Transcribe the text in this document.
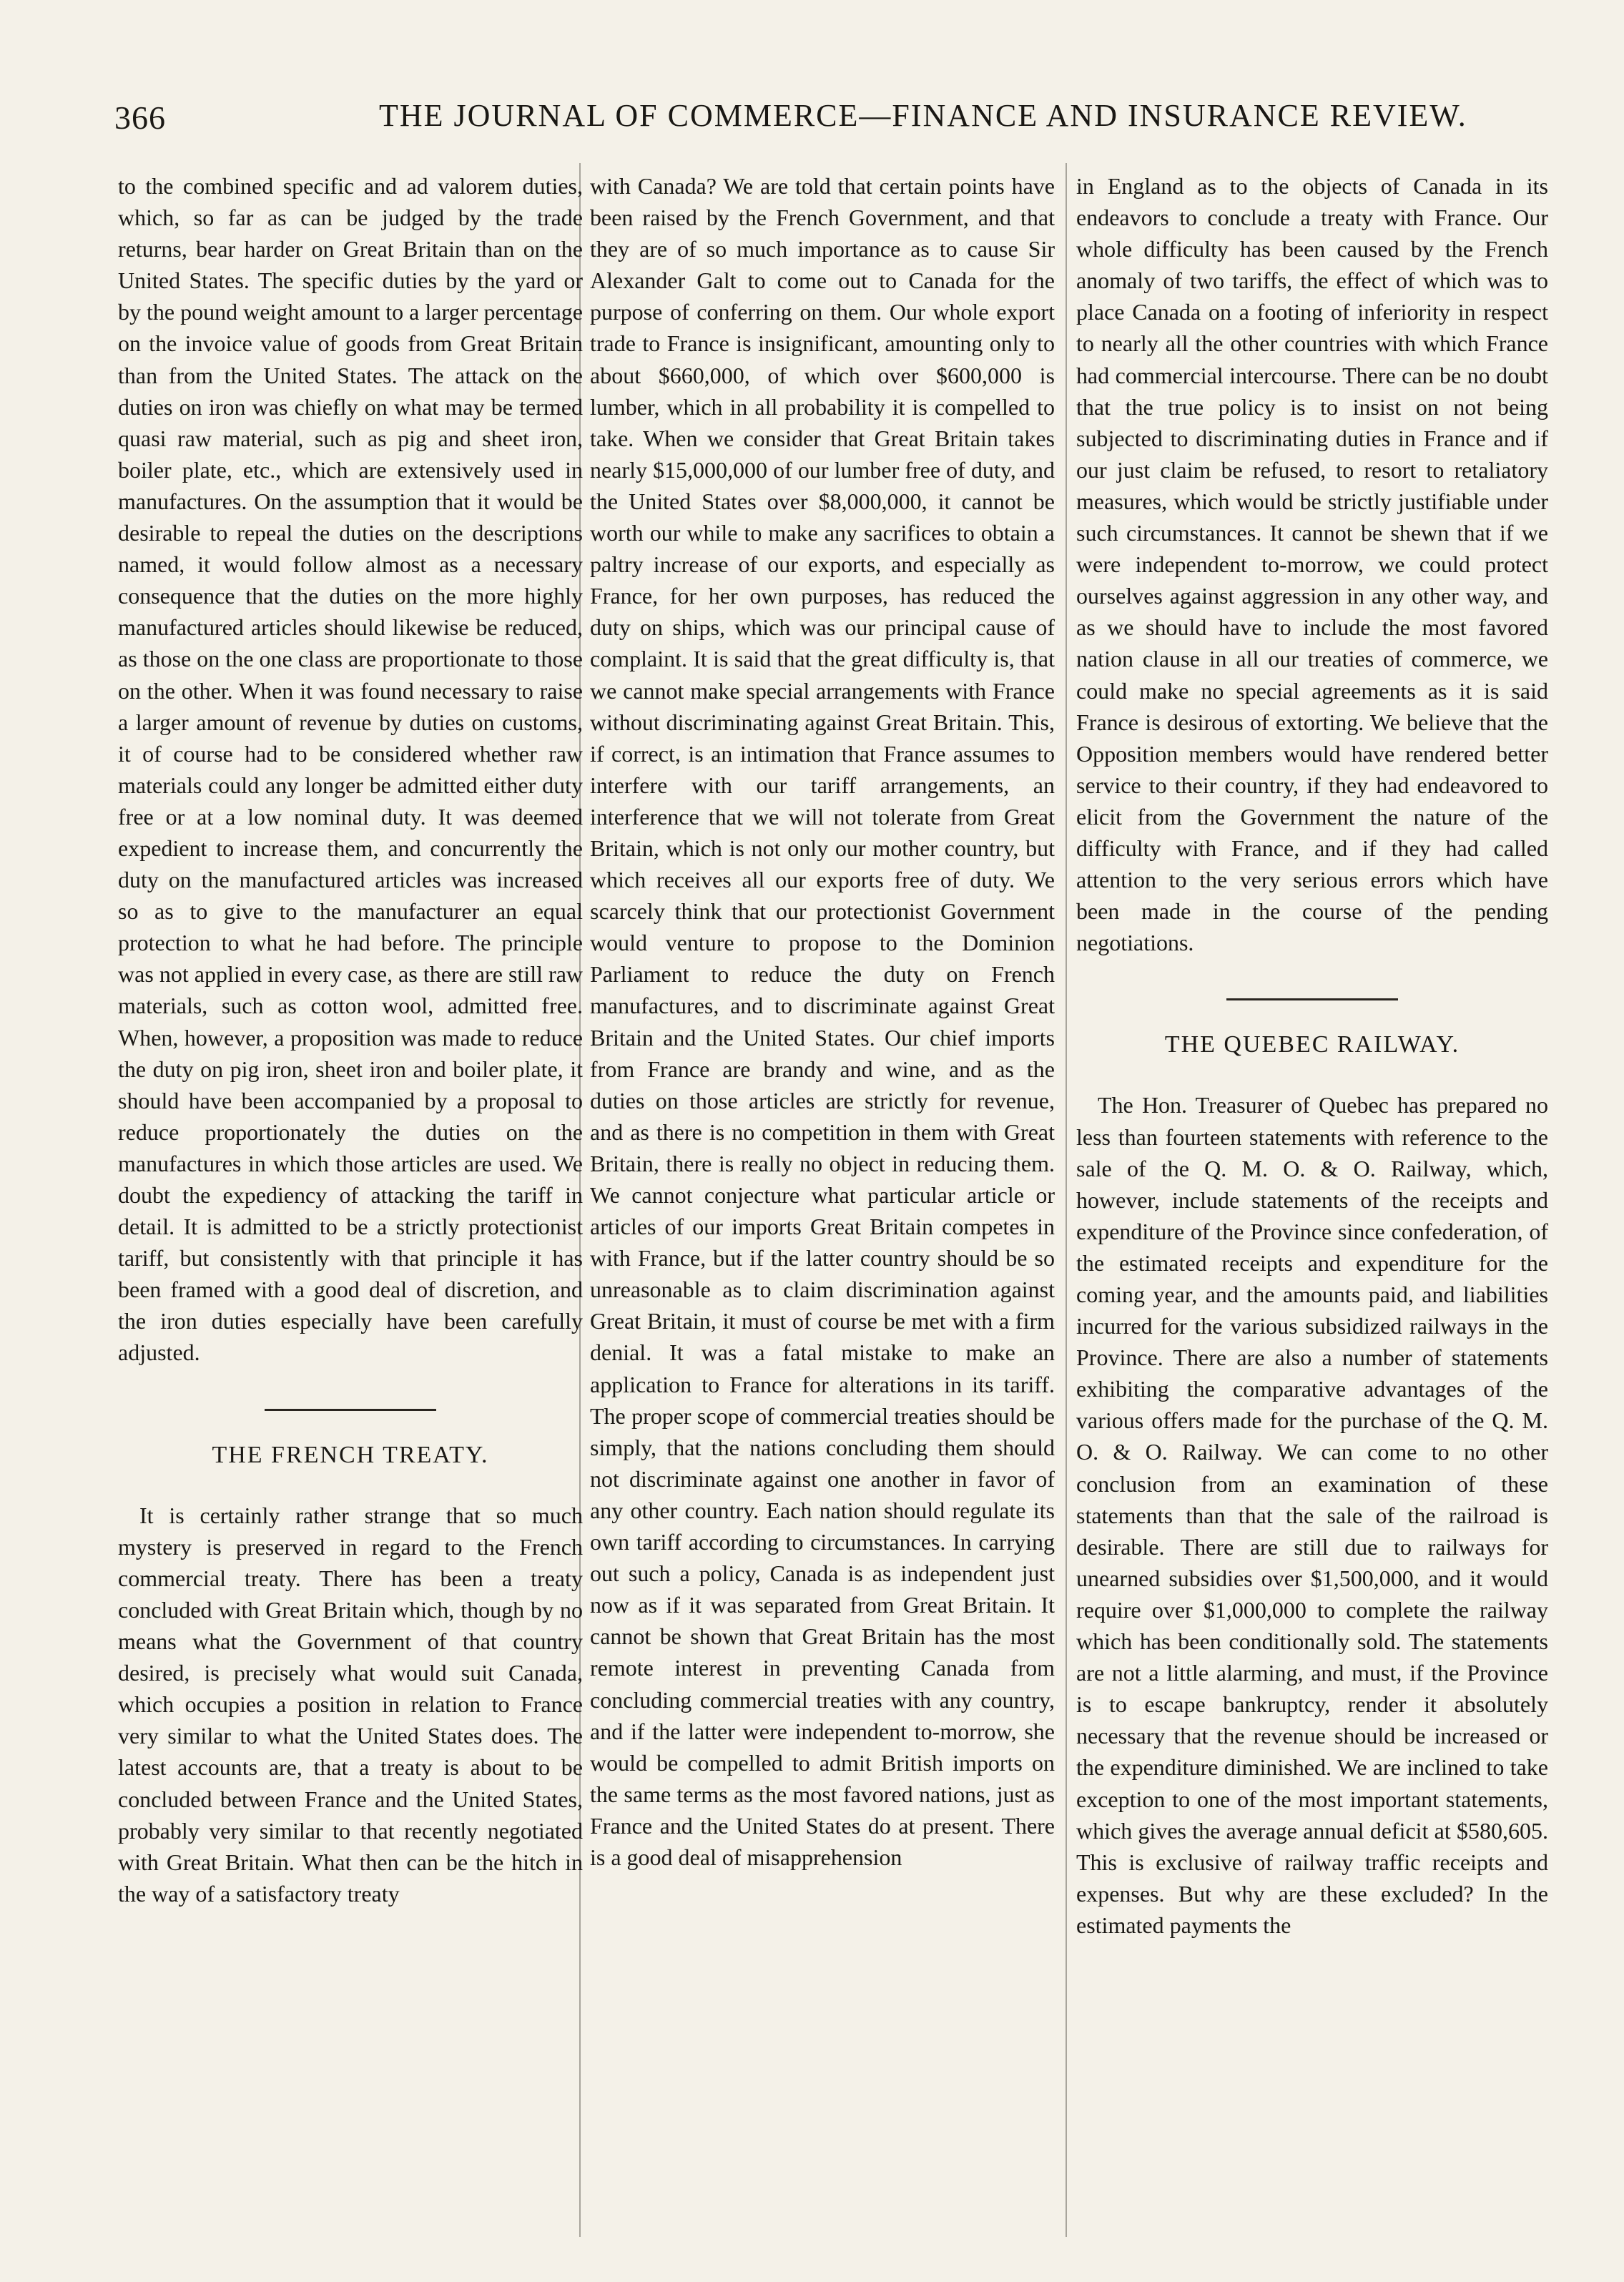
366	THE JOURNAL OF COMMERCE—FINANCE AND INSURANCE REVIEW.

to the combined specific and ad valorem duties, which, so far as can be judged by the trade returns, bear harder on Great Britain than on the United States. The specific duties by the yard or by the pound weight amount to a larger percentage on the invoice value of goods from Great Britain than from the United States. The attack on the duties on iron was chiefly on what may be termed quasi raw material, such as pig and sheet iron, boiler plate, etc., which are extensively used in manufactures. On the assumption that it would be desirable to repeal the duties on the descriptions named, it would follow almost as a necessary consequence that the duties on the more highly manufactured articles should likewise be reduced, as those on the one class are proportionate to those on the other. When it was found necessary to raise a larger amount of revenue by duties on customs, it of course had to be considered whether raw materials could any longer be admitted either duty free or at a low nominal duty. It was deemed expedient to increase them, and concurrently the duty on the manufactured articles was increased so as to give to the manufacturer an equal protection to what he had before. The principle was not applied in every case, as there are still raw materials, such as cotton wool, admitted free. When, however, a proposition was made to reduce the duty on pig iron, sheet iron and boiler plate, it should have been accompanied by a proposal to reduce proportionately the duties on the manufactures in which those articles are used. We doubt the expediency of attacking the tariff in detail. It is admitted to be a strictly protectionist tariff, but consistently with that principle it has been framed with a good deal of discretion, and the iron duties especially have been carefully adjusted.

THE FRENCH TREATY.

It is certainly rather strange that so much mystery is preserved in regard to the French commercial treaty. There has been a treaty concluded with Great Britain which, though by no means what the Government of that country desired, is precisely what would suit Canada, which occupies a position in relation to France very similar to what the United States does. The latest accounts are, that a treaty is about to be concluded between France and the United States, probably very similar to that recently negotiated with Great Britain. What then can be the hitch in the way of a satisfactory treaty

with Canada? We are told that certain points have been raised by the French Government, and that they are of so much importance as to cause Sir Alexander Galt to come out to Canada for the purpose of conferring on them. Our whole export trade to France is insignificant, amounting only to about $660,000, of which over $600,000 is lumber, which in all probability it is compelled to take. When we consider that Great Britain takes nearly $15,000,000 of our lumber free of duty, and the United States over $8,000,000, it cannot be worth our while to make any sacrifices to obtain a paltry increase of our exports, and especially as France, for her own purposes, has reduced the duty on ships, which was our principal cause of complaint. It is said that the great difficulty is, that we cannot make special arrangements with France without discriminating against Great Britain. This, if correct, is an intimation that France assumes to interfere with our tariff arrangements, an interference that we will not tolerate from Great Britain, which is not only our mother country, but which receives all our exports free of duty. We scarcely think that our protectionist Government would venture to propose to the Dominion Parliament to reduce the duty on French manufactures, and to discriminate against Great Britain and the United States. Our chief imports from France are brandy and wine, and as the duties on those articles are strictly for revenue, and as there is no competition in them with Great Britain, there is really no object in reducing them. We cannot conjecture what particular article or articles of our imports Great Britain competes in with France, but if the latter country should be so unreasonable as to claim discrimination against Great Britain, it must of course be met with a firm denial. It was a fatal mistake to make an application to France for alterations in its tariff. The proper scope of commercial treaties should be simply, that the nations concluding them should not discriminate against one another in favor of any other country. Each nation should regulate its own tariff according to circumstances. In carrying out such a policy, Canada is as independent just now as if it was separated from Great Britain. It cannot be shown that Great Britain has the most remote interest in preventing Canada from concluding commercial treaties with any country, and if the latter were independent to-morrow, she would be compelled to admit British imports on the same terms as the most favored nations, just as France and the United States do at present. There is a good deal of misapprehension

in England as to the objects of Canada in its endeavors to conclude a treaty with France. Our whole difficulty has been caused by the French anomaly of two tariffs, the effect of which was to place Canada on a footing of inferiority in respect to nearly all the other countries with which France had commercial intercourse. There can be no doubt that the true policy is to insist on not being subjected to discriminating duties in France and if our just claim be refused, to resort to retaliatory measures, which would be strictly justifiable under such circumstances. It cannot be shewn that if we were independent to-morrow, we could protect ourselves against aggression in any other way, and as we should have to include the most favored nation clause in all our treaties of commerce, we could make no special agreements as it is said France is desirous of extorting. We believe that the Opposition members would have rendered better service to their country, if they had endeavored to elicit from the Government the nature of the difficulty with France, and if they had called attention to the very serious errors which have been made in the course of the pending negotiations.

THE QUEBEC RAILWAY.

The Hon. Treasurer of Quebec has prepared no less than fourteen statements with reference to the sale of the Q. M. O. & O. Railway, which, however, include statements of the receipts and expenditure of the Province since confederation, of the estimated receipts and expenditure for the coming year, and the amounts paid, and liabilities incurred for the various subsidized railways in the Province. There are also a number of statements exhibiting the comparative advantages of the various offers made for the purchase of the Q. M. O. & O. Railway. We can come to no other conclusion from an examination of these statements than that the sale of the railroad is desirable. There are still due to railways for unearned subsidies over $1,500,000, and it would require over $1,000,000 to complete the railway which has been conditionally sold. The statements are not a little alarming, and must, if the Province is to escape bankruptcy, render it absolutely necessary that the revenue should be increased or the expenditure diminished. We are inclined to take exception to one of the most important statements, which gives the average annual deficit at $580,605. This is exclusive of railway traffic receipts and expenses. But why are these excluded? In the estimated payments the
